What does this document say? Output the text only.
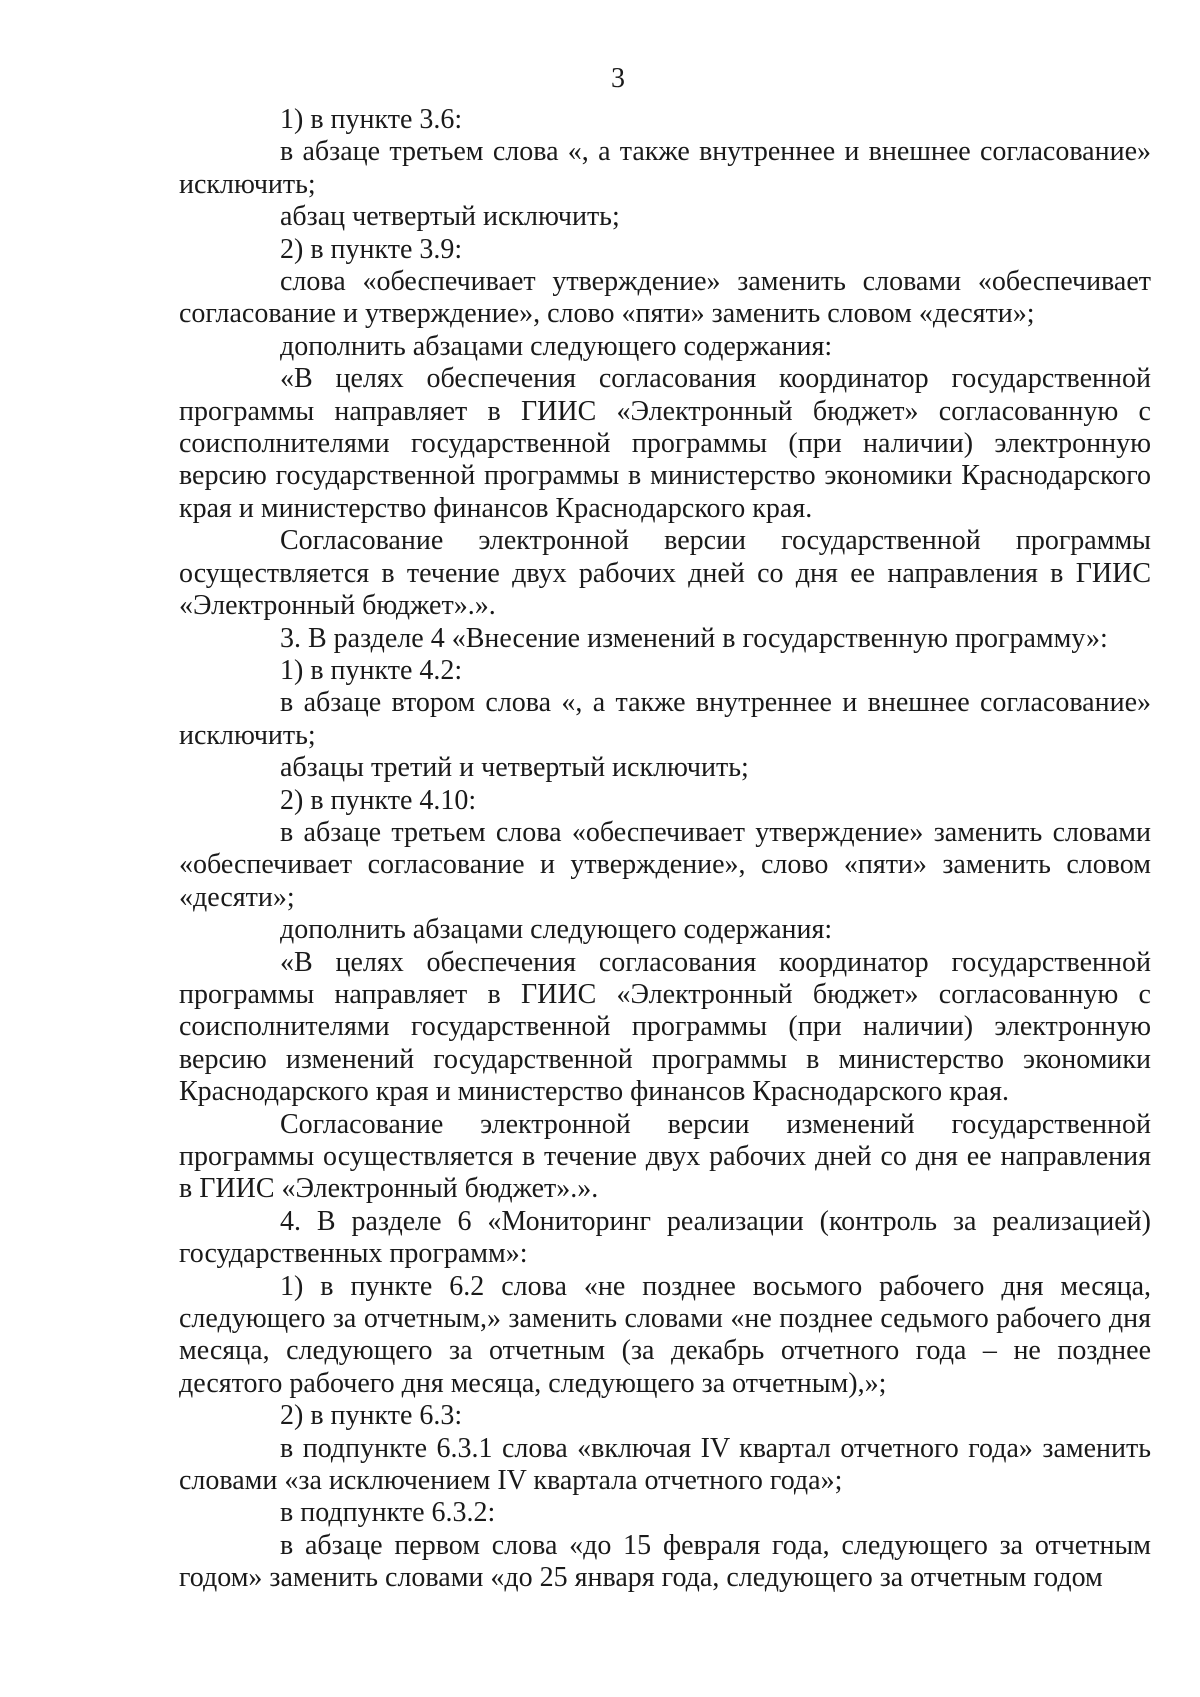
3

1) в пункте 3.6:

в абзаце третьем слова «, а также внутреннее и внешнее согласование» исключить;

абзац четвертый исключить;

2) в пункте 3.9:

слова «обеспечивает утверждение» заменить словами «обеспечивает согласование и утверждение», слово «пяти» заменить словом «десяти»;

дополнить абзацами следующего содержания:

«В целях обеспечения согласования координатор государственной программы направляет в ГИИС «Электронный бюджет» согласованную с соисполнителями государственной программы (при наличии) электронную версию государственной программы в министерство экономики Краснодарского края и министерство финансов Краснодарского края.

Согласование электронной версии государственной программы осуществляется в течение двух рабочих дней со дня ее направления в ГИИС «Электронный бюджет».».

3. В разделе 4 «Внесение изменений в государственную программу»:

1) в пункте 4.2:

в абзаце втором слова «, а также внутреннее и внешнее согласование» исключить;

абзацы третий и четвертый исключить;

2) в пункте 4.10:

в абзаце третьем слова «обеспечивает утверждение» заменить словами «обеспечивает согласование и утверждение», слово «пяти» заменить словом «десяти»;

дополнить абзацами следующего содержания:

«В целях обеспечения согласования координатор государственной программы направляет в ГИИС «Электронный бюджет» согласованную с соисполнителями государственной программы (при наличии) электронную версию изменений государственной программы в министерство экономики Краснодарского края и министерство финансов Краснодарского края.

Согласование электронной версии изменений государственной программы осуществляется в течение двух рабочих дней со дня ее направления в ГИИС «Электронный бюджет».».

4. В разделе 6 «Мониторинг реализации (контроль за реализацией) государственных программ»:

1) в пункте 6.2 слова «не позднее восьмого рабочего дня месяца, следующего за отчетным,» заменить словами «не позднее седьмого рабочего дня месяца, следующего за отчетным (за декабрь отчетного года – не позднее десятого рабочего дня месяца, следующего за отчетным),»;

2) в пункте 6.3:

в подпункте 6.3.1 слова «включая IV квартал отчетного года» заменить словами «за исключением IV квартала отчетного года»;

в подпункте 6.3.2:

в абзаце первом слова «до 15 февраля года, следующего за отчетным годом» заменить словами «до 25 января года, следующего за отчетным годом
